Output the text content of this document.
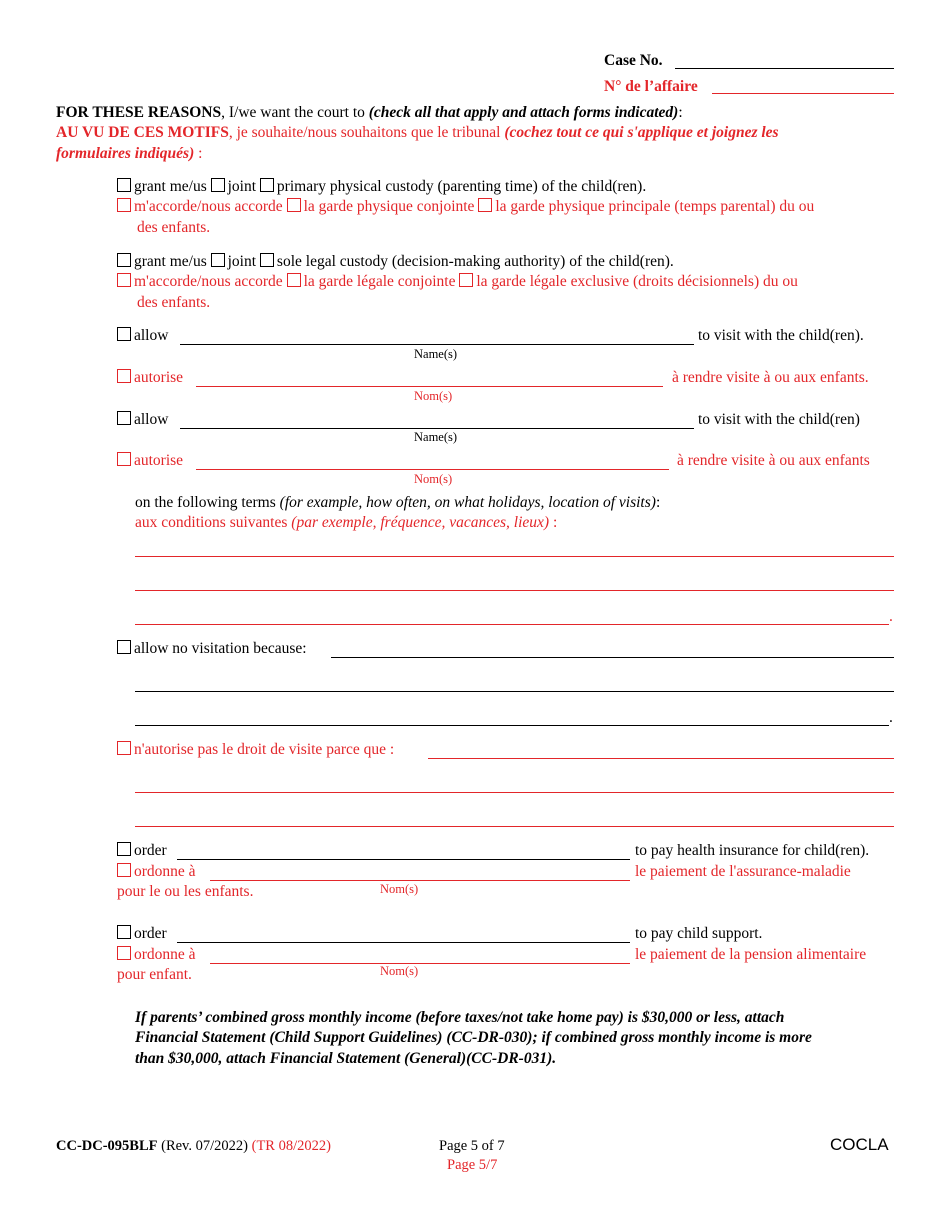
Case No.
N° de l’affaire
FOR THESE REASONS, I/we want the court to (check all that apply and attach forms indicated):
AU VU DE CES MOTIFS, je souhaite/nous souhaitons que le tribunal (cochez tout ce qui s'applique et joignez les
formulaires indiqués) :
grant me/us joint primary physical custody (parenting time) of the child(ren).
m'accorde/nous accorde la garde physique conjointe la garde physique principale (temps parental) du ou
des enfants.
grant me/us joint sole legal custody (decision-making authority) of the child(ren).
m'accorde/nous accorde la garde légale conjointe la garde légale exclusive (droits décisionnels) du ou
des enfants.
allow	to visit with the child(ren).
Name(s)
autorise	à rendre visite à ou aux enfants.
Nom(s)
allow	to visit with the child(ren)
Name(s)
autorise	à rendre visite à ou aux enfants
Nom(s)
on the following terms (for example, how often, on what holidays, location of visits):
aux conditions suivantes (par exemple, fréquence, vacances, lieux) :
.
allow no visitation because:
.
n'autorise pas le droit de visite parce que :
order	to pay health insurance for child(ren).
ordonne à	le paiement de l'assurance-maladie
pour le ou les enfants.	Nom(s)
order	to pay child support.
ordonne à	le paiement de la pension alimentaire
pour enfant.	Nom(s)
If parents’ combined gross monthly income (before taxes/not take home pay) is $30,000 or less, attach
Financial Statement (Child Support Guidelines) (CC-DR-030); if combined gross monthly income is more
than $30,000, attach Financial Statement (General)(CC-DR-031).
CC-DC-095BLF (Rev. 07/2022) (TR 08/2022)	Page 5 of 7
Page 5/7
COCLA
